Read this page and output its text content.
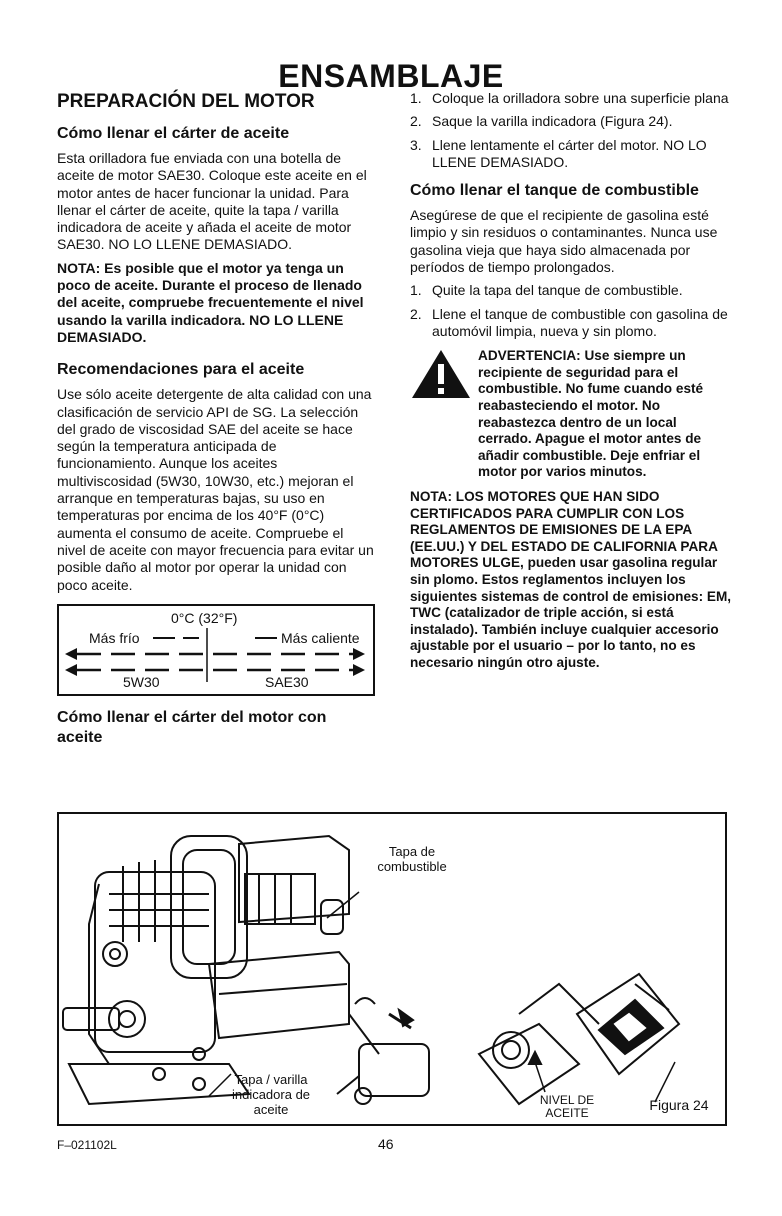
ENSAMBLAJE
PREPARACIÓN DEL MOTOR
Cómo llenar el cárter de aceite

Esta orilladora fue enviada con una botella de aceite de motor SAE30. Coloque este aceite en el motor antes de hacer funcionar la unidad. Para llenar el cárter de aceite, quite la tapa / varilla indicadora de aceite y añada el aceite de motor SAE30. NO LO LLENE DEMASIADO.

NOTA: Es posible que el motor ya tenga un poco de aceite. Durante el proceso de llenado del aceite, compruebe frecuentemente el nivel usando la varilla indicadora. NO LO LLENE DEMASIADO.

Recomendaciones para el aceite

Use sólo aceite detergente de alta calidad con una clasificación de servicio API de SG. La selección del grado de viscosidad SAE del aceite se hace según la temperatura anticipada de funcionamiento. Aunque los aceites multiviscosidad (5W30, 10W30, etc.) mejoran el arranque en temperaturas bajas, su uso en temperaturas por encima de los 40°F (0°C) aumenta el consumo de aceite. Compruebe el nivel de aceite con mayor frecuencia para evitar un posible daño al motor por operar la unidad con poco aceite.

0°C (32°F)
Más frío	Más caliente
5W30	SAE30
Cómo llenar el cárter del motor con aceite
1. Coloque la orilladora sobre una superficie plana
2. Saque la varilla indicadora (Figura 24).
3. Llene lentamente el cárter del motor. NO LO LLENE DEMASIADO.
Cómo llenar el tanque de combustible

Asegúrese de que el recipiente de gasolina esté limpio y sin residuos o contaminantes. Nunca use gasolina vieja que haya sido almacenada por períodos de tiempo prolongados.

1. Quite la tapa del tanque de combustible.
2. Llene el tanque de combustible con gasolina de automóvil limpia, nueva y sin plomo.
ADVERTENCIA: Use siempre un recipiente de seguridad para el combustible. No fume cuando esté reabasteciendo el motor. No reabastezca dentro de un local cerrado. Apague el motor antes de añadir combustible. Deje enfriar el motor por varios minutos.

NOTA: LOS MOTORES QUE HAN SIDO CERTIFICADOS PARA CUMPLIR CON LOS REGLAMENTOS DE EMISIONES DE LA EPA (EE.UU.) Y DEL ESTADO DE CALIFORNIA PARA MOTORES ULGE, pueden usar gasolina regular sin plomo. Estos reglamentos incluyen los siguientes sistemas de control de emisiones: EM, TWC (catalizador de triple acción, si está instalado). También incluye cualquier accesorio ajustable por el usuario – por lo tanto, no es necesario ningún otro ajuste.

Tapa de combustible
Tapa / varilla indicadora de aceite
NIVEL DE ACEITE	Figura 24
F–021102L	46
